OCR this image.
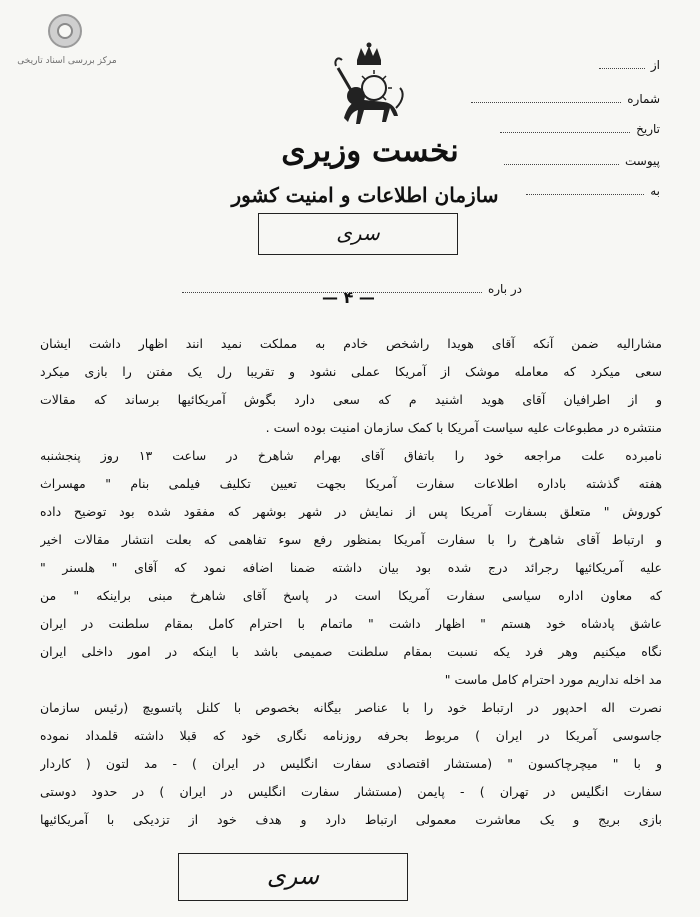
مرکز بررسی اسناد تاریخی
نخست وزیری
سازمان اطلاعات و امنیت کشور
سری
از
شماره
تاریخ
پیوست
به
در باره
— ۴ —
مشارالیه ضمن آنکه آقای هویدا راشخص خادم به مملکت نمید انند اظهار داشت ایشان
سعی میکرد که معامله موشک از آمریکا عملی نشود و تقریبا رل یک مفتن را بازی میکرد
و از اطرافیان آقای هوید اشنید م که سعی دارد بگوش آمریکائیها برساند که مقالات
منتشره در مطبوعات علیه سیاست آمریکا با کمک سازمان امنیت بوده است .
نامبرده علت مراجعه خود را باتفاق آقای بهرام شاهرخ در ساعت ۱۳ روز پنجشنبه
هفته گذشته باداره اطلاعات سفارت آمریکا بجهت تعیین تکلیف فیلمی بنام " مهسراث
کوروش " متعلق بسفارت آمریکا پس از نمایش در شهر بوشهر که مفقود شده بود توضیح داده
و ارتباط آقای شاهرخ را با سفارت آمریکا بمنظور رفع سوء تفاهمی که بعلت انتشار مقالات اخیر
علیه آمریکائیها رجرائد درج شده بود بیان داشته ضمنا اضافه نمود که آقای " هلسنر "
که معاون اداره سیاسی سفارت آمریکا است در پاسخ آقای شاهرخ مبنی براینکه " من
عاشق پادشاه خود هستم " اظهار داشت " ماتمام با احترام کامل بمقام سلطنت در ایران
نگاه میکنیم وهر فرد یکه نسبت بمقام سلطنت صمیمی باشد با اینکه در امور داخلی ایران
مد اخله نداریم مورد احترام کامل ماست "
نصرت اله احدپور در ارتباط خود را با عناصر بیگانه بخصوص با کلنل پاتسویچ (رئیس سازمان
جاسوسی آمریکا در ایران ) مربوط بحرفه روزنامه نگاری خود که قبلا داشته قلمداد نموده
و با " میچرچاکسون " (مستشار اقتصادی سفارت انگلیس در ایران ) - مد لتون ( کاردار
سفارت انگلیس در تهران ) - پایمن (مستشار سفارت انگلیس در ایران ) در حدود دوستی
بازی بریج و یک معاشرت معمولی ارتباط دارد و هدف خود از تزدیکی با آمریکائیها
سری
